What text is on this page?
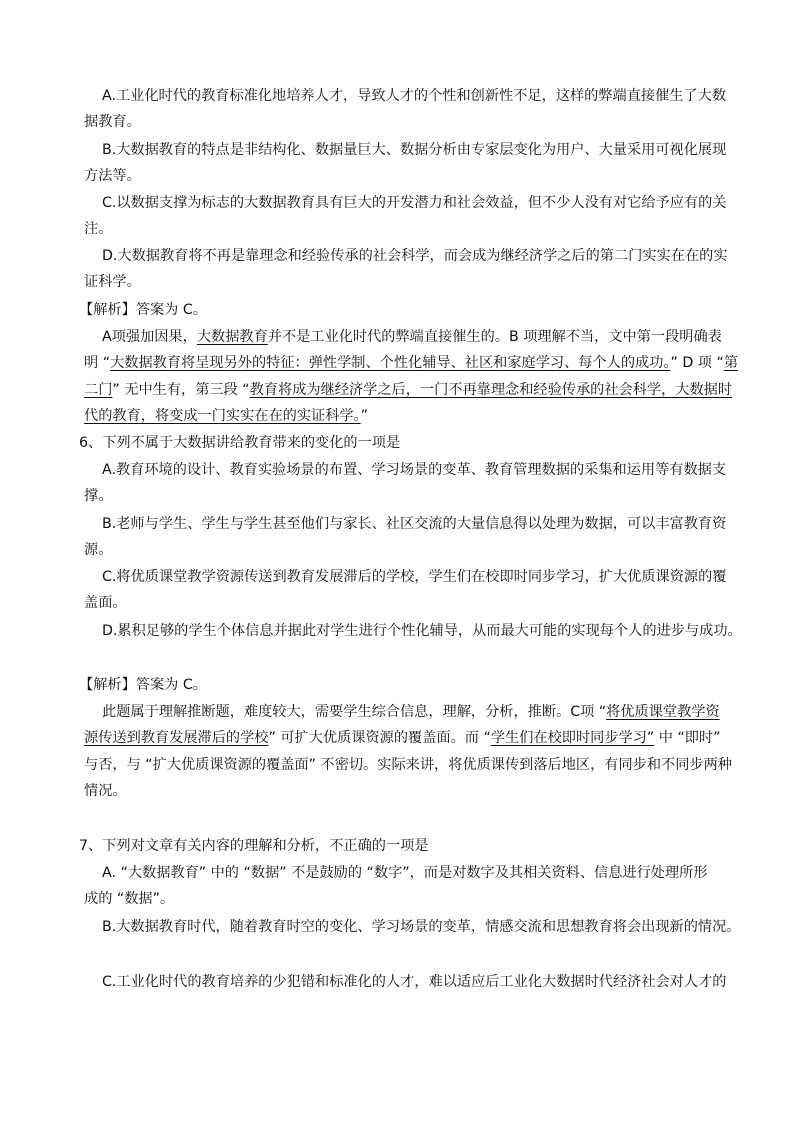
A.工业化时代的教育标准化地培养人才，导致人才的个性和创新性不足，这样的弊端直接催生了大数
据教育。
B.大数据教育的特点是非结构化、数据量巨大、数据分析由专家层变化为用户、大量采用可视化展现
方法等。
C.以数据支撑为标志的大数据教育具有巨大的开发潜力和社会效益，但不少人没有对它给予应有的关
注。
D.大数据教育将不再是靠理念和经验传承的社会科学，而会成为继经济学之后的第二门实实在在的实
证科学。
【解析】答案为 C。
A项强加因果，大数据教育并不是工业化时代的弊端直接催生的。B 项理解不当，文中第一段明确表
明 “大数据教育将呈现另外的特征：弹性学制、个性化辅导、社区和家庭学习、每个人的成功。” D 项 “第
二门” 无中生有，第三段 “教育将成为继经济学之后，一门不再靠理念和经验传承的社会科学，大数据时
代的教育，将变成一门实实在在的实证科学。”
6、下列不属于大数据讲给教育带来的变化的一项是
A.教育环境的设计、教育实验场景的布置、学习场景的变革、教育管理数据的采集和运用等有数据支
撑。
B.老师与学生、学生与学生甚至他们与家长、社区交流的大量信息得以处理为数据，可以丰富教育资
源。
C.将优质课堂教学资源传送到教育发展滞后的学校，学生们在校即时同步学习，扩大优质课资源的覆
盖面。
D.累积足够的学生个体信息并据此对学生进行个性化辅导，从而最大可能的实现每个人的进步与成功。
【解析】答案为 C。
此题属于理解推断题，难度较大，需要学生综合信息，理解，分析，推断。C项 “将优质课堂教学资
源传送到教育发展滞后的学校” 可扩大优质课资源的覆盖面。而 “学生们在校即时同步学习” 中 “即时”
与否，与 “扩大优质课资源的覆盖面” 不密切。实际来讲，将优质课传到落后地区，有同步和不同步两种
情况。
7、下列对文章有关内容的理解和分析，不正确的一项是
A. “大数据教育” 中的 “数据” 不是鼓励的 “数字”，而是对数字及其相关资料、信息进行处理所形
成的 “数据”。
B.大数据教育时代，随着教育时空的变化、学习场景的变革，情感交流和思想教育将会出现新的情况。
C.工业化时代的教育培养的少犯错和标准化的人才，难以适应后工业化大数据时代经济社会对人才的
